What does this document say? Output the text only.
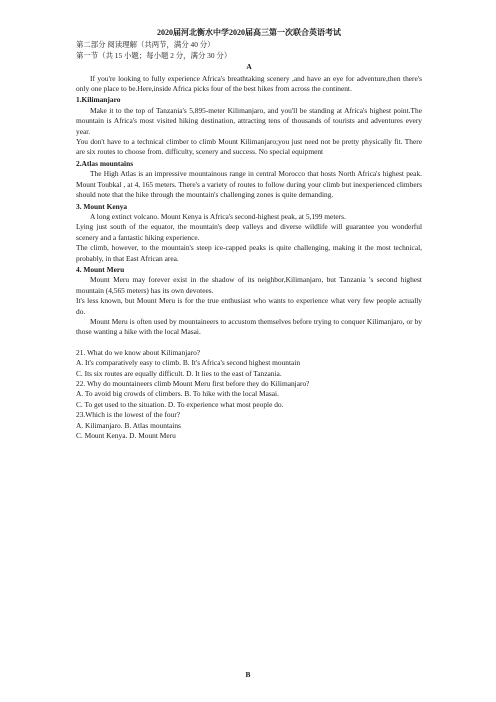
2020届河北衡水中学2020届高三第一次联合英语考试
第二部分 阅读理解（共两节，满分 40 分）
第一节（共 15 小题；每小题 2 分，满分 30 分）
A

If you're looking to fully experience Africa's breathtaking scenery ,and have an eye for adventure,then there's only one place to be.Here,inside Africa picks four of the best hikes from across the continent.

1.Kilimanjaro

Make it to the top of Tanzania's 5,895-meter Kilimanjaro, and you'll be standing at Africa's highest point.The mountain is Africa's most visited hiking destination, attracting tens of thousands of tourists and adventures every year.

You don't have to a technical climber to climb Mount Kilimanjaro;you just need not be pretty physically fit. There are six routes to choose from. difficulty, scenery and success. No special equipment

2.Atlas mountains

The High Atlas is an impressive mountainous range in central Morocco that hosts North Africa's highest peak. Mount Toubkal , at 4, 165 meters. There's a variety of routes to follow during your climb but inexperienced climbers should note that the hike through the mountain's challenging zones is quite demanding.

3. Mount Kenya

A long extinct volcano. Mount Kenya is Africa's second-highest peak, at 5,199 meters.

Lying just south of the equator, the mountain's deep valleys and diverse wildlife will guarantee you wonderful scenery and a fantastic hiking experience.

The climb, however, to the mountain's steep ice-capped peaks is quite challenging, making it the most technical, probably, in that East African area.

4. Mount Meru

Mount Meru may forever exist in the shadow of its neighbor,Kilimanjaro, but Tanzania 's second highest mountain (4,565 meters) has its own devotees.

It's less known, but Mount Meru is for the true enthusiast who wants to experience what very few people actually do.

Mount Meru is often used by mountaineers to accustom themselves before trying to conquer Kilimanjaro, or by those wanting a hike with the local Masai.

21. What do we know about Kilimanjaro?
A. It's comparatively easy to climb. B. It's Africa's second highest mountain
C. Its six routes are equally difficult. D. It lies to the east of Tanzania.
22. Why do mountaineers climb Mount Meru first before they do Kilimanjaro?
A. To avoid big crowds of climbers. B. To hike with the local Masai.
C. To get used to the situation. D. To experience what most people do.
23.Which is the lowest of the four?
A. Kilimanjaro. B. Atlas mountains
C. Mount Kenya. D. Mount Meru
B
